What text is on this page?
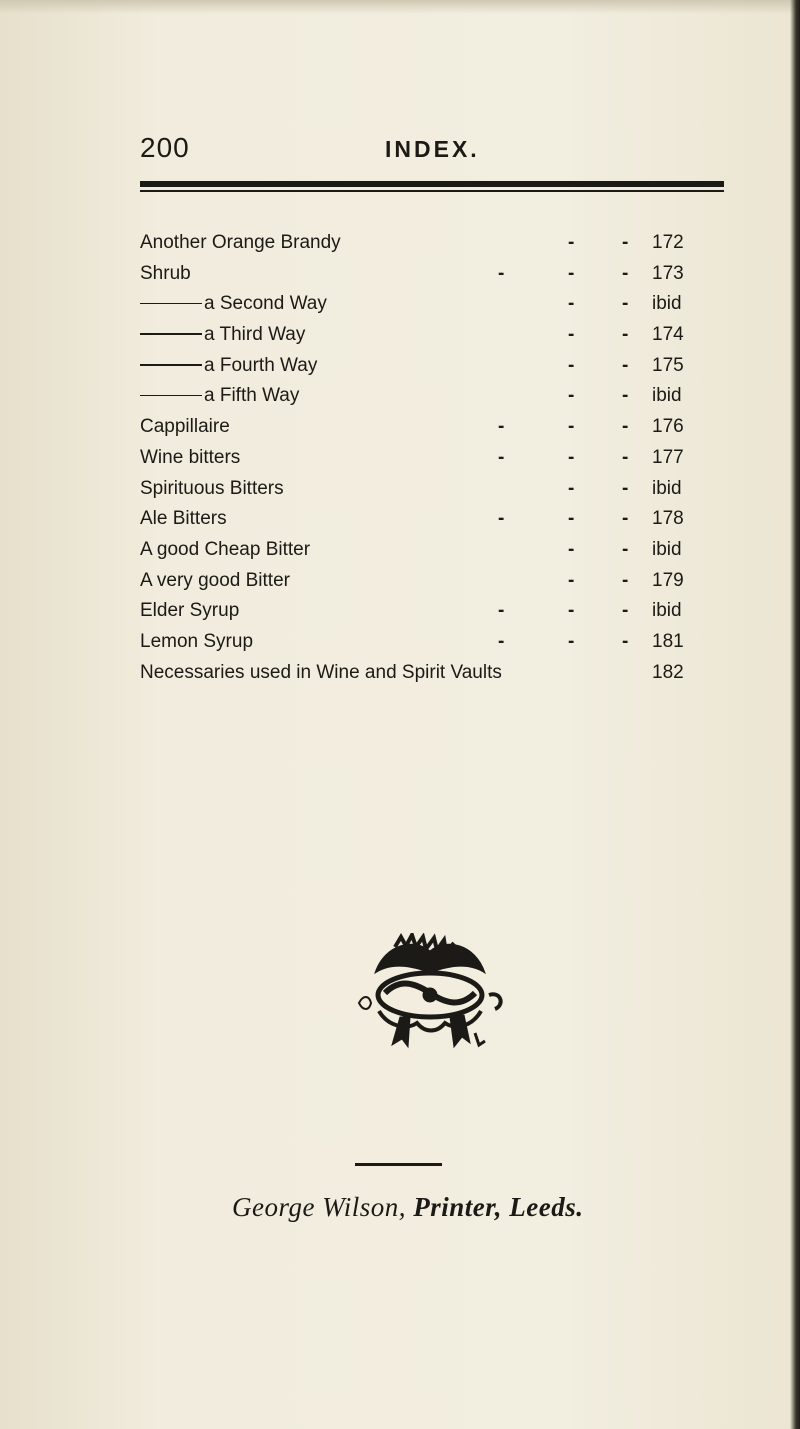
200	INDEX.
Another Orange Brandy	-	- 172
Shrub	-	-	- 173
a Second Way	-	- ibid
a Third Way	-	- 174
a Fourth Way	-	- 175
a Fifth Way	-	- ibid
Cappillaire	-	-	- 176
Wine bitters	-	-	- 177
Spirituous Bitters	-	- ibid
Ale Bitters	-	-	- 178
A good Cheap Bitter	-	- ibid
A very good Bitter	-	- 179
Elder Syrup	-	-	- ibid
Lemon Syrup	-	-	- 181
Necessaries used in Wine and Spirit Vaults	182
George Wilson, Printer, Leeds.
